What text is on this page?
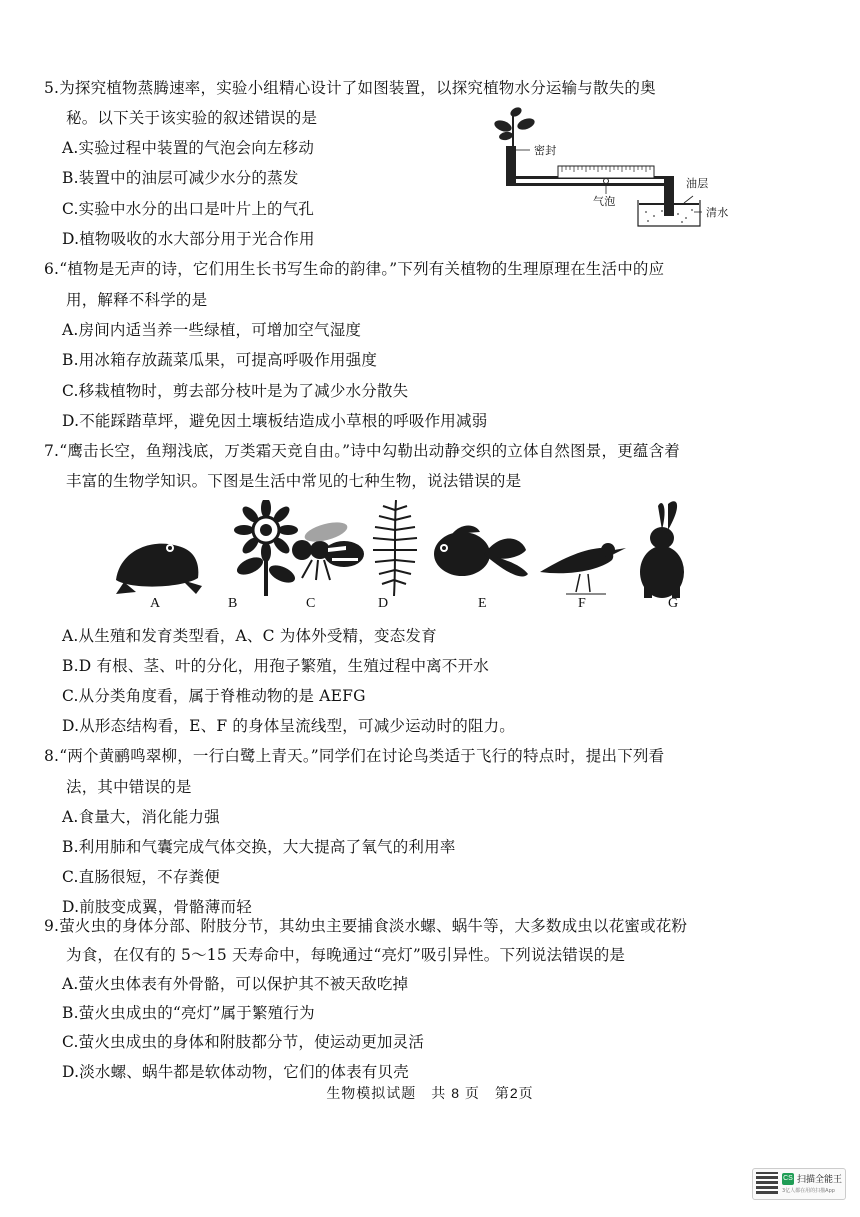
5.为探究植物蒸腾速率，实验小组精心设计了如图装置，以探究植物水分运输与散失的奥
秘。以下关于该实验的叙述错误的是
A.实验过程中装置的气泡会向左移动
B.装置中的油层可减少水分的蒸发
C.实验中水分的出口是叶片上的气孔
D.植物吸收的水大部分用于光合作用
密封
油层
气泡
清水
6.“植物是无声的诗，它们用生长书写生命的韵律。”下列有关植物的生理原理在生活中的应
用，解释不科学的是
A.房间内适当养一些绿植，可增加空气湿度
B.用冰箱存放蔬菜瓜果，可提高呼吸作用强度
C.移栽植物时，剪去部分枝叶是为了减少水分散失
D.不能踩踏草坪，避免因土壤板结造成小草根的呼吸作用减弱
7.“鹰击长空，鱼翔浅底，万类霜天竞自由。”诗中勾勒出动静交织的立体自然图景，更蕴含着
丰富的生物学知识。下图是生活中常见的七种生物，说法错误的是
A	B	C	D	E	F	G
A.从生殖和发育类型看，A、C 为体外受精，变态发育
B.D 有根、茎、叶的分化，用孢子繁殖，生殖过程中离不开水
C.从分类角度看，属于脊椎动物的是 AEFG
D.从形态结构看，E、F 的身体呈流线型，可减少运动时的阻力。
8.“两个黄鹂鸣翠柳，一行白鹭上青天。”同学们在讨论鸟类适于飞行的特点时，提出下列看
法，其中错误的是
A.食量大，消化能力强
B.利用肺和气囊完成气体交换，大大提高了氧气的利用率
C.直肠很短，不存粪便
D.前肢变成翼，骨骼薄而轻
9.萤火虫的身体分部、附肢分节，其幼虫主要捕食淡水螺、蜗牛等，大多数成虫以花蜜或花粉
为食，在仅有的 5～15 天寿命中，每晚通过“亮灯”吸引异性。下列说法错误的是
A.萤火虫体表有外骨骼，可以保护其不被天敌吃掉
B.萤火虫成虫的“亮灯”属于繁殖行为
C.萤火虫成虫的身体和附肢都分节，使运动更加灵活
D.淡水螺、蜗牛都是软体动物，它们的体表有贝壳
生物模拟试题　共 8 页　第2页
CS 扫描全能王
3亿人都在用的扫描App
